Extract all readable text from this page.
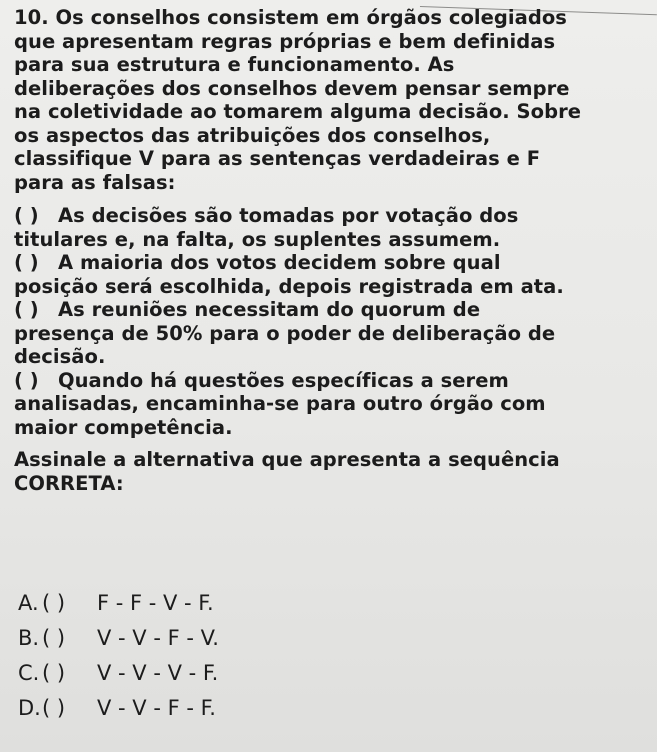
10. Os conselhos consistem em órgãos colegiados
que apresentam regras próprias e bem definidas
para sua estrutura e funcionamento. As
deliberações dos conselhos devem pensar sempre
na coletividade ao tomarem alguma decisão. Sobre
os aspectos das atribuições dos conselhos,
classifique V para as sentenças verdadeiras e F
para as falsas:
( ) As decisões são tomadas por votação dos
titulares e, na falta, os suplentes assumem.
( ) A maioria dos votos decidem sobre qual
posição será escolhida, depois registrada em ata.
( ) As reuniões necessitam do quorum de
presença de 50% para o poder de deliberação de
decisão.
( ) Quando há questões específicas a serem
analisadas, encaminha-se para outro órgão com
maior competência.
Assinale a alternativa que apresenta a sequência
CORRETA:
A. ( ) F - F - V - F.
B. ( ) V - V - F - V.
C. ( ) V - V - V - F.
D.( ) V - V - F - F.
